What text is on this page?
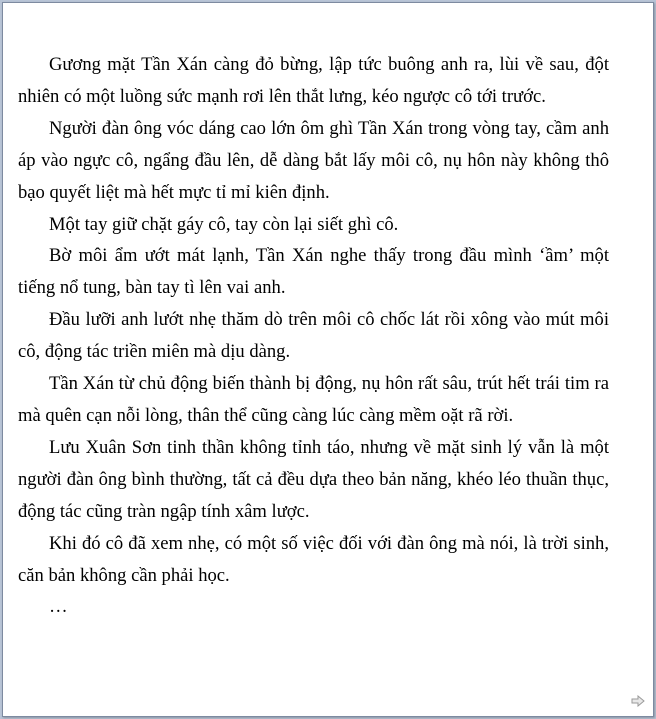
Gương mặt Tần Xán càng đỏ bừng, lập tức buông anh ra, lùi về sau, đột nhiên có một luồng sức mạnh rơi lên thắt lưng, kéo ngược cô tới trước.

Người đàn ông vóc dáng cao lớn ôm ghì Tần Xán trong vòng tay, cầm anh áp vào ngực cô, ngẩng đầu lên, dễ dàng bắt lấy môi cô, nụ hôn này không thô bạo quyết liệt mà hết mực tỉ mỉ kiên định.

Một tay giữ chặt gáy cô, tay còn lại siết ghì cô.

Bờ môi ẩm ướt mát lạnh, Tần Xán nghe thấy trong đầu mình ‘ầm’ một tiếng nổ tung, bàn tay tì lên vai anh.

Đầu lưỡi anh lướt nhẹ thăm dò trên môi cô chốc lát rồi xông vào mút môi cô, động tác triền miên mà dịu dàng.

Tần Xán từ chủ động biến thành bị động, nụ hôn rất sâu, trút hết trái tim ra mà quên cạn nỗi lòng, thân thể cũng càng lúc càng mềm oặt rã rời.

Lưu Xuân Sơn tinh thần không tỉnh táo, nhưng về mặt sinh lý vẫn là một người đàn ông bình thường, tất cả đều dựa theo bản năng, khéo léo thuần thục, động tác cũng tràn ngập tính xâm lược.

Khi đó cô đã xem nhẹ, có một số việc đối với đàn ông mà nói, là trời sinh, căn bản không cần phải học.

…
